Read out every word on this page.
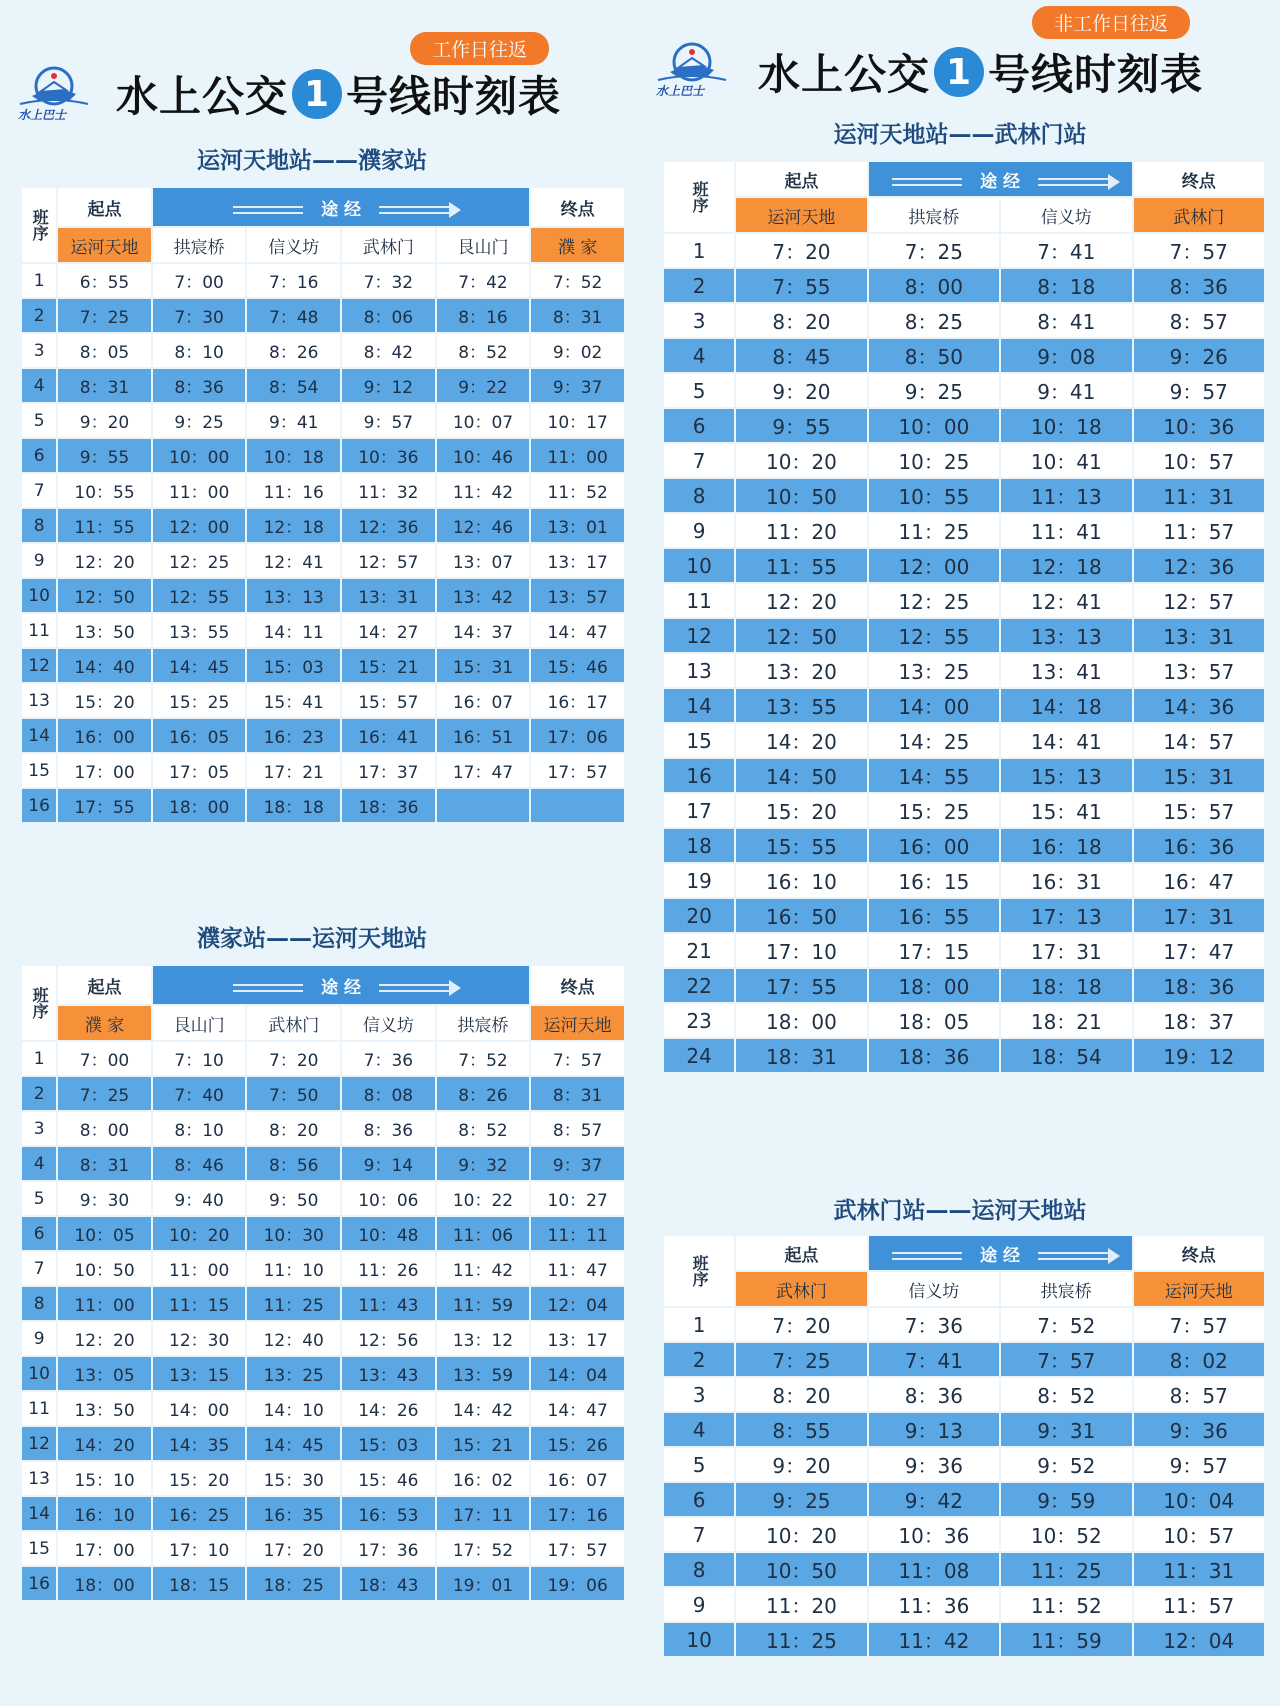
水上巴士 水上公交 1 号线时刻表
工作日往返
运河天地站——濮家站
班序	起点	途 经				终点
	运河天地	拱宸桥	信义坊	武林门	艮山门	濮 家
1	6：55	7：00	7：16	7：32	7：42	7：52
2	7：25	7：30	7：48	8：06	8：16	8：31
3	8：05	8：10	8：26	8：42	8：52	9：02
4	8：31	8：36	8：54	9：12	9：22	9：37
5	9：20	9：25	9：41	9：57	10：07	10：17
6	9：55	10：00	10：18	10：36	10：46	11：00
7	10：55	11：00	11：16	11：32	11：42	11：52
8	11：55	12：00	12：18	12：36	12：46	13：01
9	12：20	12：25	12：41	12：57	13：07	13：17
10	12：50	12：55	13：13	13：31	13：42	13：57
11	13：50	13：55	14：11	14：27	14：37	14：47
12	14：40	14：45	15：03	15：21	15：31	15：46
13	15：20	15：25	15：41	15：57	16：07	16：17
14	16：00	16：05	16：23	16：41	16：51	17：06
15	17：00	17：05	17：21	17：37	17：47	17：57
16	17：55	18：00	18：18	18：36		
濮家站——运河天地站
班序	起点	途 经				终点
	濮 家	艮山门	武林门	信义坊	拱宸桥	运河天地
1	7：00	7：10	7：20	7：36	7：52	7：57
2	7：25	7：40	7：50	8：08	8：26	8：31
3	8：00	8：10	8：20	8：36	8：52	8：57
4	8：31	8：46	8：56	9：14	9：32	9：37
5	9：30	9：40	9：50	10：06	10：22	10：27
6	10：05	10：20	10：30	10：48	11：06	11：11
7	10：50	11：00	11：10	11：26	11：42	11：47
8	11：00	11：15	11：25	11：43	11：59	12：04
9	12：20	12：30	12：40	12：56	13：12	13：17
10	13：05	13：15	13：25	13：43	13：59	14：04
11	13：50	14：00	14：10	14：26	14：42	14：47
12	14：20	14：35	14：45	15：03	15：21	15：26
13	15：10	15：20	15：30	15：46	16：02	16：07
14	16：10	16：25	16：35	16：53	17：11	17：16
15	17：00	17：10	17：20	17：36	17：52	17：57
16	18：00	18：15	18：25	18：43	19：01	19：06
水上巴士 水上公交 1 号线时刻表
非工作日往返
运河天地站——武林门站
班序	起点	途 经		终点
	运河天地	拱宸桥	信义坊	武林门
1	7：20	7：25	7：41	7：57
2	7：55	8：00	8：18	8：36
3	8：20	8：25	8：41	8：57
4	8：45	8：50	9：08	9：26
5	9：20	9：25	9：41	9：57
6	9：55	10：00	10：18	10：36
7	10：20	10：25	10：41	10：57
8	10：50	10：55	11：13	11：31
9	11：20	11：25	11：41	11：57
10	11：55	12：00	12：18	12：36
11	12：20	12：25	12：41	12：57
12	12：50	12：55	13：13	13：31
13	13：20	13：25	13：41	13：57
14	13：55	14：00	14：18	14：36
15	14：20	14：25	14：41	14：57
16	14：50	14：55	15：13	15：31
17	15：20	15：25	15：41	15：57
18	15：55	16：00	16：18	16：36
19	16：10	16：15	16：31	16：47
20	16：50	16：55	17：13	17：31
21	17：10	17：15	17：31	17：47
22	17：55	18：00	18：18	18：36
23	18：00	18：05	18：21	18：37
24	18：31	18：36	18：54	19：12
武林门站——运河天地站
班序	起点	途 经		终点
	武林门	信义坊	拱宸桥	运河天地
1	7：20	7：36	7：52	7：57
2	7：25	7：41	7：57	8：02
3	8：20	8：36	8：52	8：57
4	8：55	9：13	9：31	9：36
5	9：20	9：36	9：52	9：57
6	9：25	9：42	9：59	10：04
7	10：20	10：36	10：52	10：57
8	10：50	11：08	11：25	11：31
9	11：20	11：36	11：52	11：57
10	11：25	11：42	11：59	12：04
